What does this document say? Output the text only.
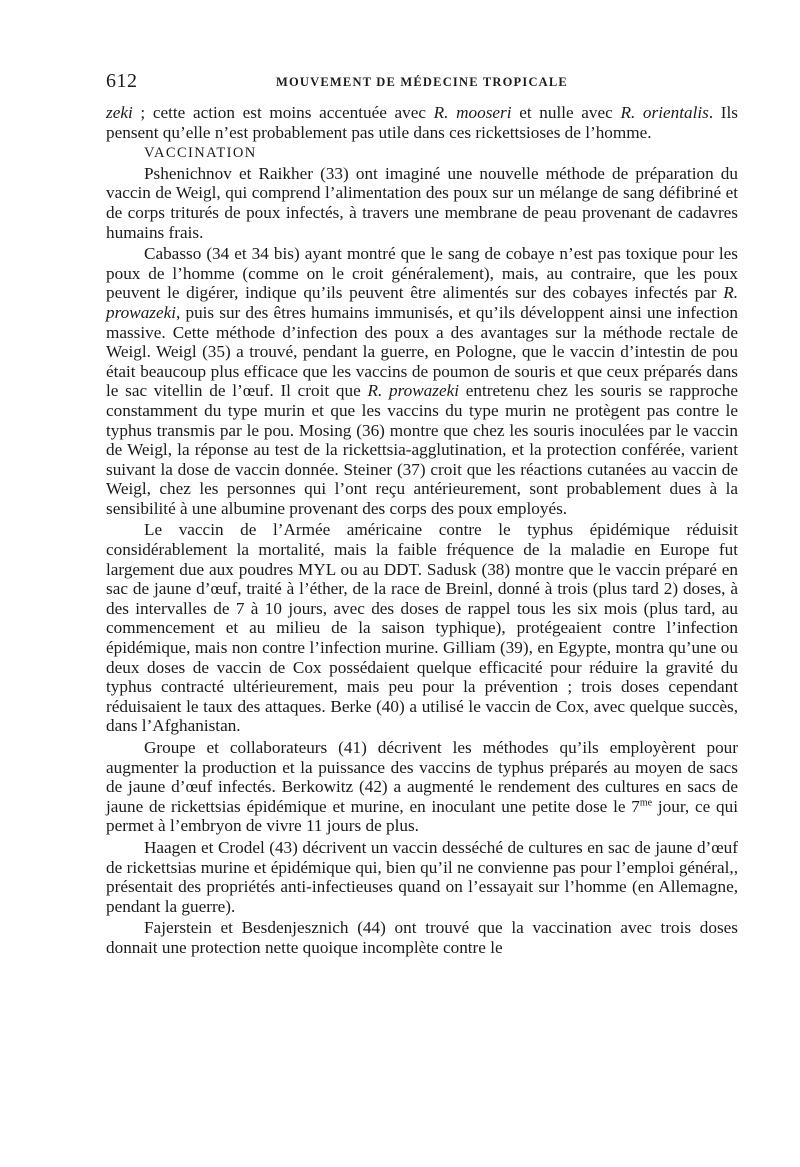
612	MOUVEMENT DE MÉDECINE TROPICALE

zeki ; cette action est moins accentuée avec R. mooseri et nulle avec R. orientalis. Ils pensent qu’elle n’est probablement pas utile dans ces rickettsioses de l’homme.

VACCINATION

Pshenichnov et Raikher (33) ont imaginé une nouvelle méthode de préparation du vaccin de Weigl, qui comprend l’alimentation des poux sur un mélange de sang défibriné et de corps triturés de poux infectés, à travers une membrane de peau provenant de cadavres humains frais.

Cabasso (34 et 34 bis) ayant montré que le sang de cobaye n’est pas toxique pour les poux de l’homme (comme on le croit généralement), mais, au contraire, que les poux peuvent le digérer, indique qu’ils peuvent être alimentés sur des cobayes infectés par R. prowazeki, puis sur des êtres humains immunisés, et qu’ils développent ainsi une infection massive. Cette méthode d’infection des poux a des avantages sur la méthode rectale de Weigl. Weigl (35) a trouvé, pendant la guerre, en Pologne, que le vaccin d’intestin de pou était beaucoup plus efficace que les vaccins de poumon de souris et que ceux préparés dans le sac vitellin de l’œuf. Il croit que R. prowazeki entretenu chez les souris se rapproche constamment du type murin et que les vaccins du type murin ne protègent pas contre le typhus transmis par le pou. Mosing (36) montre que chez les souris inoculées par le vaccin de Weigl, la réponse au test de la rickettsia-agglutination, et la protection conférée, varient suivant la dose de vaccin donnée. Steiner (37) croit que les réactions cutanées au vaccin de Weigl, chez les personnes qui l’ont reçu antérieurement, sont probablement dues à la sensibilité à une albumine provenant des corps des poux employés.

Le vaccin de l’Armée américaine contre le typhus épidémique réduisit considérablement la mortalité, mais la faible fréquence de la maladie en Europe fut largement due aux poudres MYL ou au DDT. Sadusk (38) montre que le vaccin préparé en sac de jaune d’œuf, traité à l’éther, de la race de Breinl, donné à trois (plus tard 2) doses, à des intervalles de 7 à 10 jours, avec des doses de rappel tous les six mois (plus tard, au commencement et au milieu de la saison typhique), protégeaient contre l’infection épidémique, mais non contre l’infection murine. Gilliam (39), en Egypte, montra qu’une ou deux doses de vaccin de Cox possédaient quelque efficacité pour réduire la gravité du typhus contracté ultérieurement, mais peu pour la prévention ; trois doses cependant réduisaient le taux des attaques. Berke (40) a utilisé le vaccin de Cox, avec quelque succès, dans l’Afghanistan.

Groupe et collaborateurs (41) décrivent les méthodes qu’ils employèrent pour augmenter la production et la puissance des vaccins de typhus préparés au moyen de sacs de jaune d’œuf infectés. Berkowitz (42) a augmenté le rendement des cultures en sacs de jaune de rickettsias épidémique et murine, en inoculant une petite dose le $7^{me}$ jour, ce qui permet à l’embryon de vivre 11 jours de plus.

Haagen et Crodel (43) décrivent un vaccin desséché de cultures en sac de jaune d’œuf de rickettsias murine et épidémique qui, bien qu’il ne convienne pas pour l’emploi général,, présentait des propriétés anti-infectieuses quand on l’essayait sur l’homme (en Allemagne, pendant la guerre).

Fajerstein et Besdenjesznich (44) ont trouvé que la vaccination avec trois doses donnait une protection nette quoique incomplète contre le
